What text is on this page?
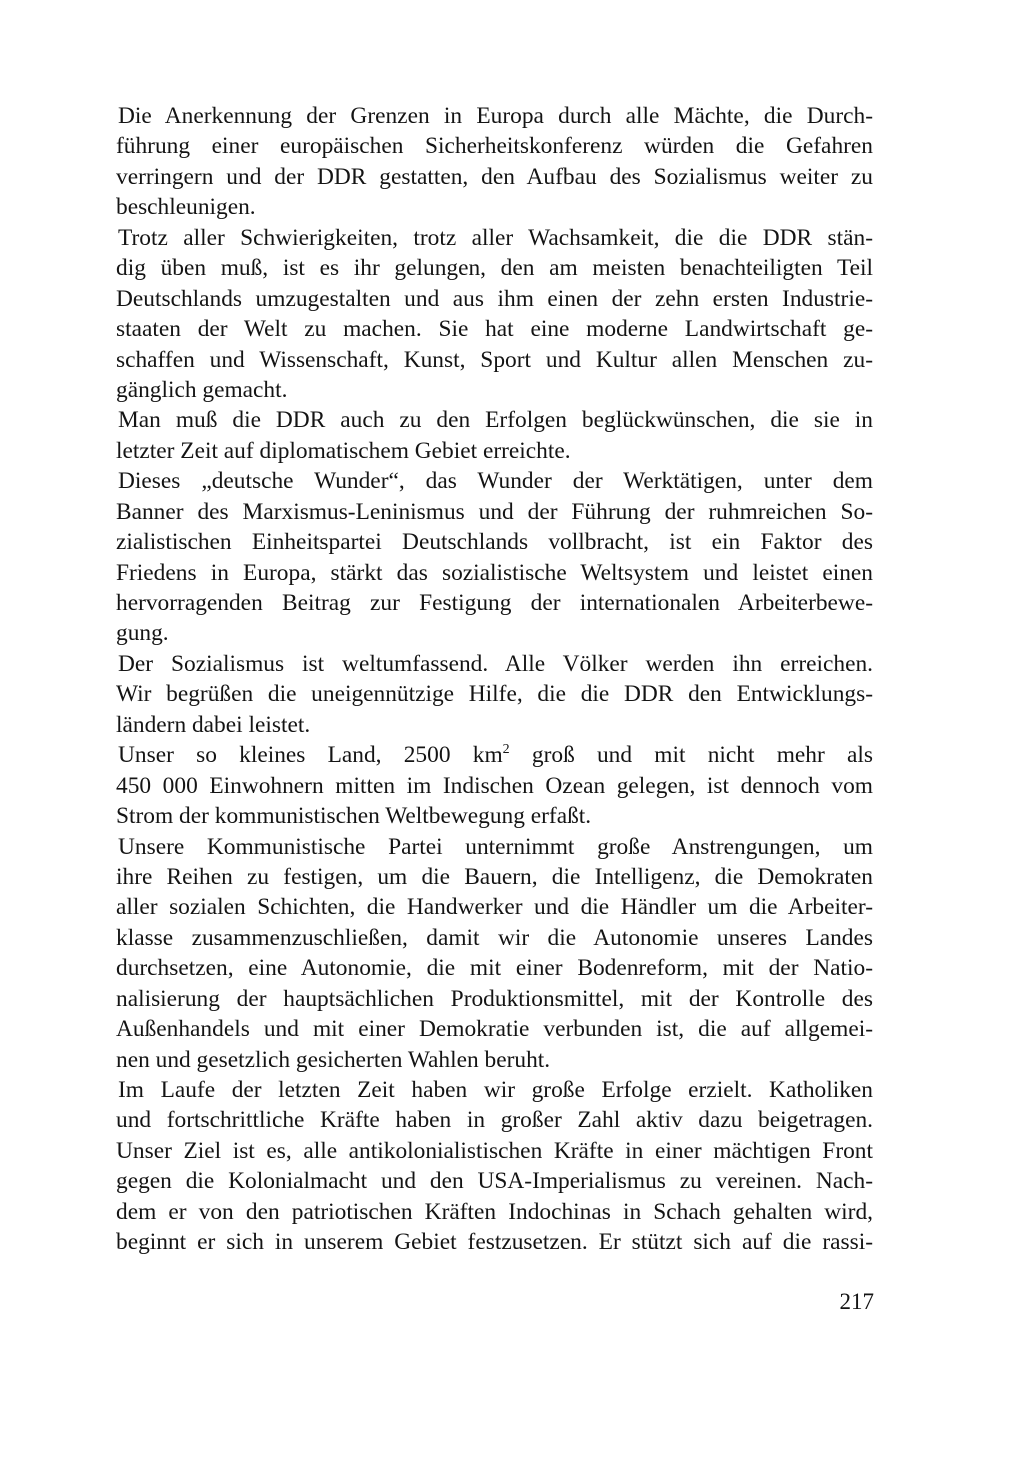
Die Anerkennung der Grenzen in Europa durch alle Mächte, die Durch-
führung einer europäischen Sicherheitskonferenz würden die Gefahren
verringern und der DDR gestatten, den Aufbau des Sozialismus weiter zu
beschleunigen.
Trotz aller Schwierigkeiten, trotz aller Wachsamkeit, die die DDR stän-
dig üben muß, ist es ihr gelungen, den am meisten benachteiligten Teil
Deutschlands umzugestalten und aus ihm einen der zehn ersten Industrie-
staaten der Welt zu machen. Sie hat eine moderne Landwirtschaft ge-
schaffen und Wissenschaft, Kunst, Sport und Kultur allen Menschen zu-
gänglich gemacht.
Man muß die DDR auch zu den Erfolgen beglückwünschen, die sie in
letzter Zeit auf diplomatischem Gebiet erreichte.
Dieses „deutsche Wunder“, das Wunder der Werktätigen, unter dem
Banner des Marxismus-Leninismus und der Führung der ruhmreichen So-
zialistischen Einheitspartei Deutschlands vollbracht, ist ein Faktor des
Friedens in Europa, stärkt das sozialistische Weltsystem und leistet einen
hervorragenden Beitrag zur Festigung der internationalen Arbeiterbewe-
gung.
Der Sozialismus ist weltumfassend. Alle Völker werden ihn erreichen.
Wir begrüßen die uneigennützige Hilfe, die die DDR den Entwicklungs-
ländern dabei leistet.
Unser so kleines Land, 2500 $km^2$ groß und mit nicht mehr als
450 000 Einwohnern mitten im Indischen Ozean gelegen, ist dennoch vom
Strom der kommunistischen Weltbewegung erfaßt.
Unsere Kommunistische Partei unternimmt große Anstrengungen, um
ihre Reihen zu festigen, um die Bauern, die Intelligenz, die Demokraten
aller sozialen Schichten, die Handwerker und die Händler um die Arbeiter-
klasse zusammenzuschließen, damit wir die Autonomie unseres Landes
durchsetzen, eine Autonomie, die mit einer Bodenreform, mit der Natio-
nalisierung der hauptsächlichen Produktionsmittel, mit der Kontrolle des
Außenhandels und mit einer Demokratie verbunden ist, die auf allgemei-
nen und gesetzlich gesicherten Wahlen beruht.
Im Laufe der letzten Zeit haben wir große Erfolge erzielt. Katholiken
und fortschrittliche Kräfte haben in großer Zahl aktiv dazu beigetragen.
Unser Ziel ist es, alle antikolonialistischen Kräfte in einer mächtigen Front
gegen die Kolonialmacht und den USA-Imperialismus zu vereinen. Nach-
dem er von den patriotischen Kräften Indochinas in Schach gehalten wird,
beginnt er sich in unserem Gebiet festzusetzen. Er stützt sich auf die rassi-
217
